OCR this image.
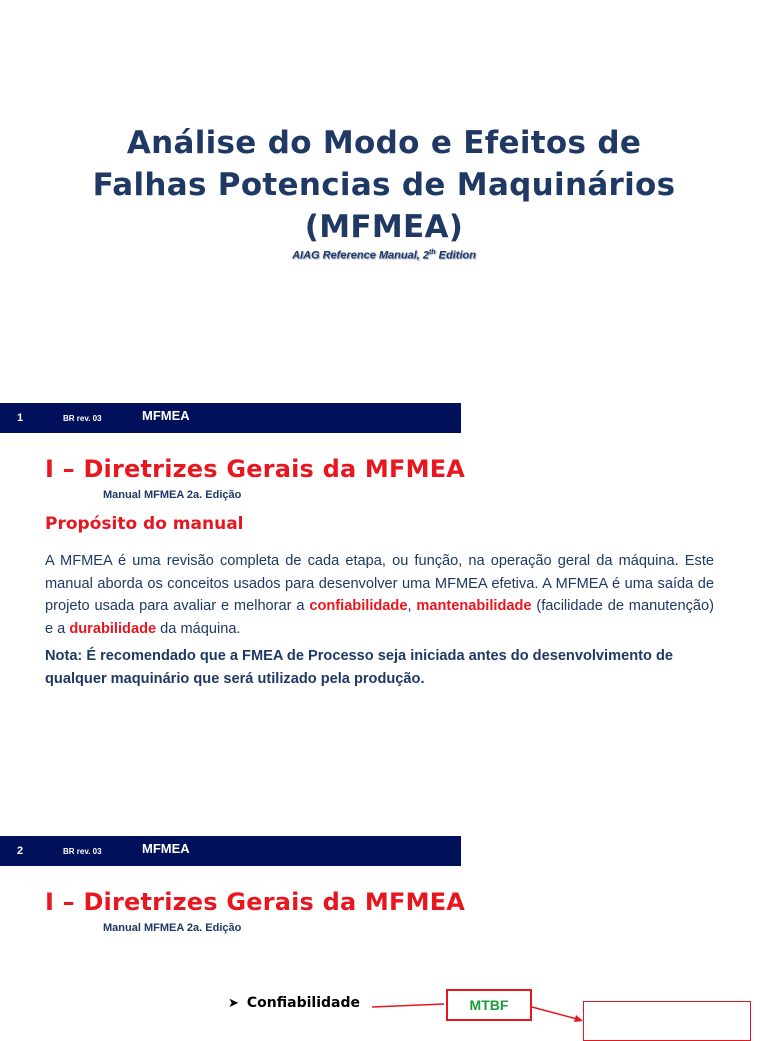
Análise do Modo e Efeitos de
Falhas Potencias de Maquinários
(MFMEA)
AIAG Reference Manual, 2th Edition
1	BR rev. 03	MFMEA
I – Diretrizes Gerais da MFMEA
Manual MFMEA 2a. Edição
Propósito do manual
A MFMEA é uma revisão completa de cada etapa, ou função, na operação geral da máquina. Este manual aborda os conceitos usados para desenvolver uma MFMEA efetiva. A MFMEA é uma saída de projeto usada para avaliar e melhorar a confiabilidade, mantenabilidade (facilidade de manutenção) e a durabilidade da máquina.
Nota: É recomendado que a FMEA de Processo seja iniciada antes do desenvolvimento de qualquer maquinário que será utilizado pela produção.
2	BR rev. 03	MFMEA
I – Diretrizes Gerais da MFMEA
Manual MFMEA 2a. Edição
➤ Confiabilidade	MTBF
